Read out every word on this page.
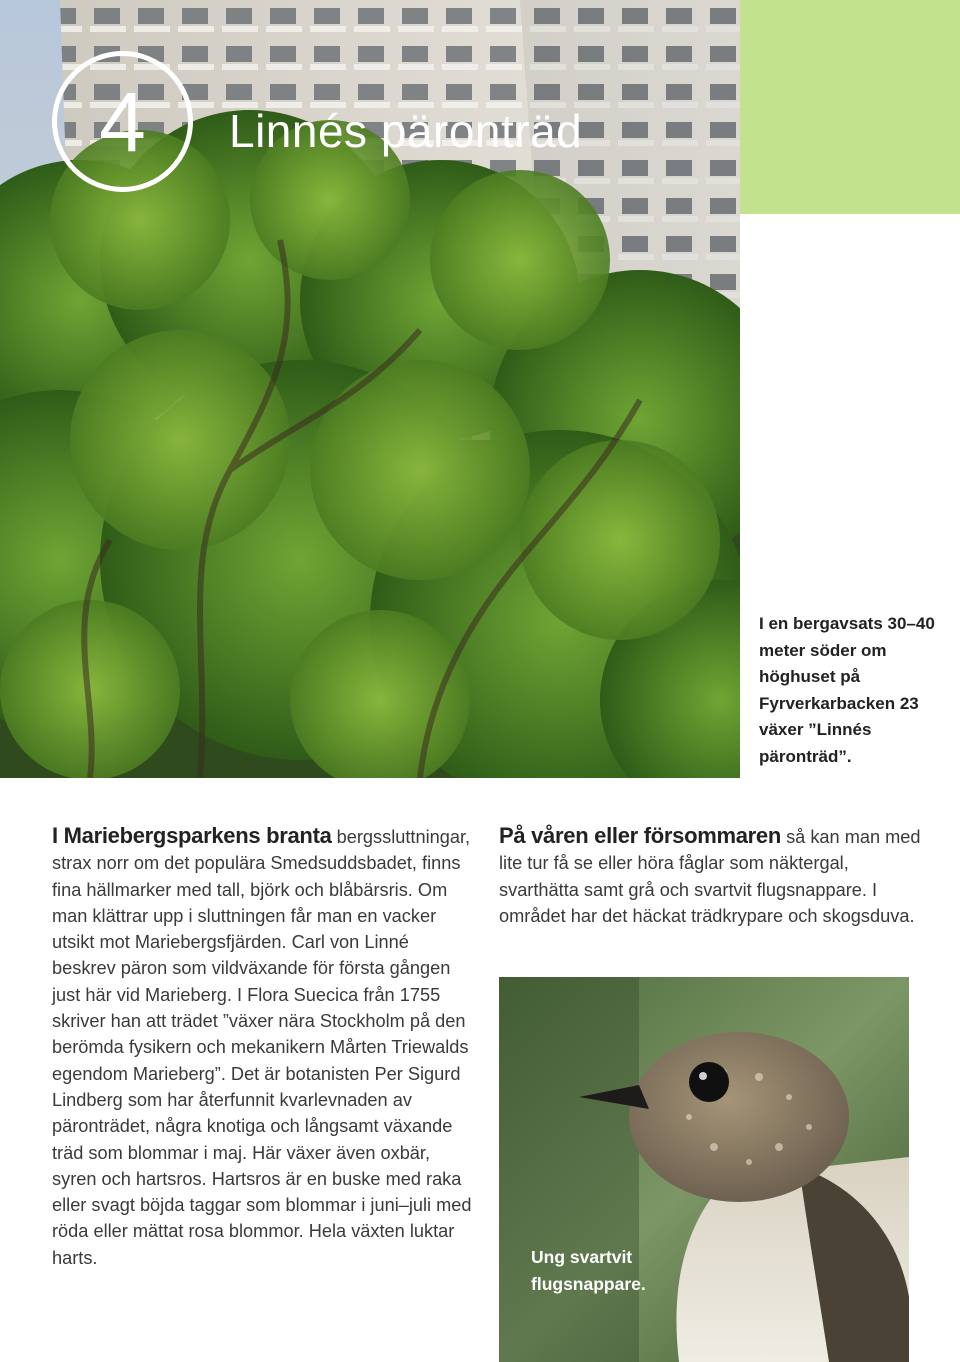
4 Linnés päronträd
I en bergavsats 30–40 meter söder om höghuset på Fyrverkarbacken 23 växer ”Linnés päronträd”.
I Mariebergsparkens branta bergssluttningar, strax norr om det populära Smedsuddsbadet, finns fina hällmarker med tall, björk och blåbärsris. Om man klättrar upp i sluttningen får man en vacker utsikt mot Mariebergsfjärden. Carl von Linné beskrev päron som vildväxande för första gången just här vid Marieberg. I Flora Suecica från 1755 skriver han att trädet ”växer nära Stockholm på den berömda fysikern och mekanikern Mårten Triewalds egendom Marieberg”. Det är botanisten Per Sigurd Lindberg som har återfunnit kvarlevnaden av päronträdet, några knotiga och långsamt växande träd som blommar i maj. Här växer även oxbär, syren och hartsros. Hartsros är en buske med raka eller svagt böjda taggar som blommar i juni–juli med röda eller mättat rosa blommor. Hela växten luktar harts.
På våren eller försommaren så kan man med lite tur få se eller höra fåglar som näktergal, svarthätta samt grå och svartvit flugsnappare. I området har det häckat trädkrypare och skogsduva.
Ung svartvit flugsnappare.
